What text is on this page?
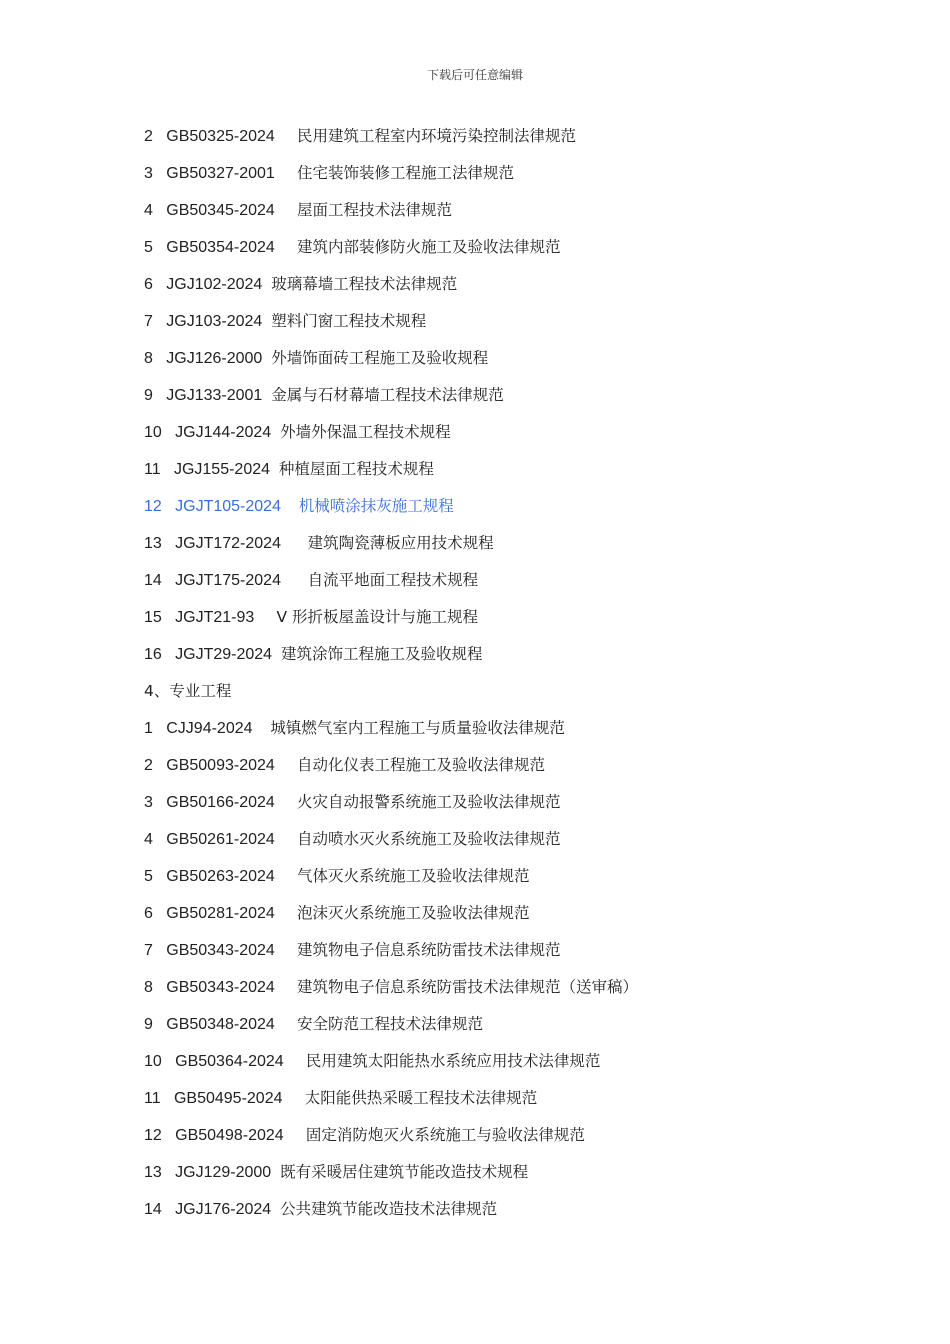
下载后可任意编辑
2 GB50325-2024 民用建筑工程室内环境污染控制法律规范
3 GB50327-2001 住宅装饰装修工程施工法律规范
4 GB50345-2024 屋面工程技术法律规范
5 GB50354-2024 建筑内部装修防火施工及验收法律规范
6 JGJ102-2024 玻璃幕墙工程技术法律规范
7 JGJ103-2024 塑料门窗工程技术规程
8 JGJ126-2000 外墙饰面砖工程施工及验收规程
9 JGJ133-2001 金属与石材幕墙工程技术法律规范
10 JGJ144-2024 外墙外保温工程技术规程
11 JGJ155-2024 种植屋面工程技术规程
12 JGJT105-2024 机械喷涂抹灰施工规程
13 JGJT172-2024 建筑陶瓷薄板应用技术规程
14 JGJT175-2024 自流平地面工程技术规程
15 JGJT21-93 V 形折板屋盖设计与施工规程
16 JGJT29-2024 建筑涂饰工程施工及验收规程
4、专业工程
1 CJJ94-2024 城镇燃气室内工程施工与质量验收法律规范
2 GB50093-2024 自动化仪表工程施工及验收法律规范
3 GB50166-2024 火灾自动报警系统施工及验收法律规范
4 GB50261-2024 自动喷水灭火系统施工及验收法律规范
5 GB50263-2024 气体灭火系统施工及验收法律规范
6 GB50281-2024 泡沫灭火系统施工及验收法律规范
7 GB50343-2024 建筑物电子信息系统防雷技术法律规范
8 GB50343-2024 建筑物电子信息系统防雷技术法律规范（送审稿）
9 GB50348-2024 安全防范工程技术法律规范
10 GB50364-2024 民用建筑太阳能热水系统应用技术法律规范
11 GB50495-2024 太阳能供热采暖工程技术法律规范
12 GB50498-2024 固定消防炮灭火系统施工与验收法律规范
13 JGJ129-2000 既有采暖居住建筑节能改造技术规程
14 JGJ176-2024 公共建筑节能改造技术法律规范
